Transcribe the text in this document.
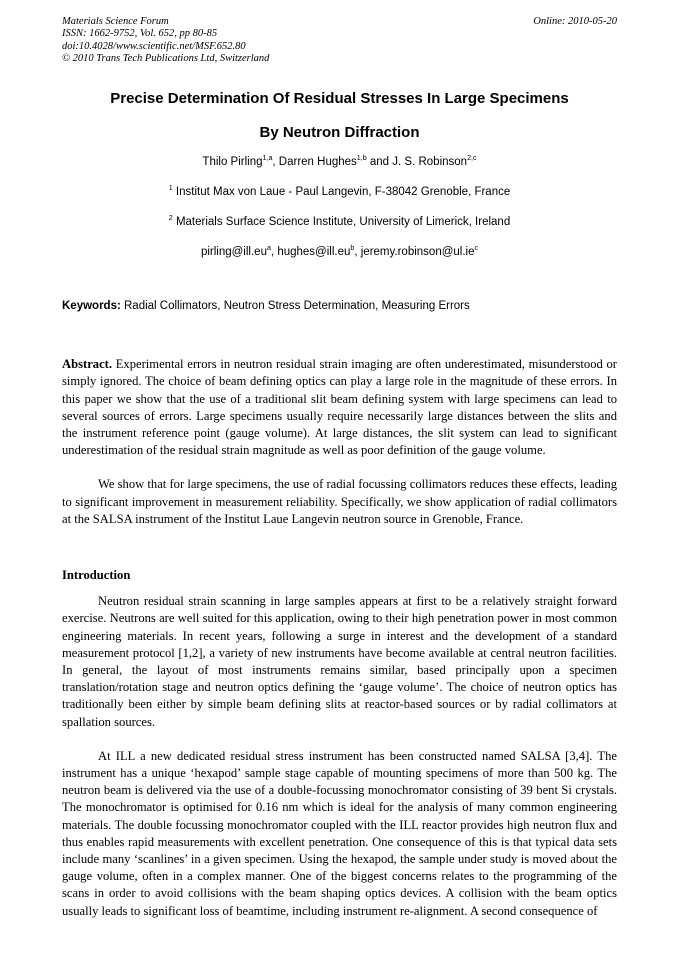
Materials Science Forum
ISSN: 1662-9752, Vol. 652, pp 80-85
doi:10.4028/www.scientific.net/MSF.652.80
© 2010 Trans Tech Publications Ltd, Switzerland
Online: 2010-05-20
Precise Determination Of Residual Stresses In Large Specimens
By Neutron Diffraction
Thilo Pirling$^{1,a}$, Darren Hughes$^{1,b}$ and J. S. Robinson$^{2,c}$
$^1$ Institut Max von Laue - Paul Langevin, F-38042 Grenoble, France
$^2$ Materials Surface Science Institute, University of Limerick, Ireland
$pirling@ill.eu^a$, $hughes@ill.eu^b$, $jeremy.robinson@ul.ie^c$
Keywords: Radial Collimators, Neutron Stress Determination, Measuring Errors

Abstract. Experimental errors in neutron residual strain imaging are often underestimated, misunderstood or simply ignored. The choice of beam defining optics can play a large role in the magnitude of these errors. In this paper we show that the use of a traditional slit beam defining system with large specimens can lead to several sources of errors. Large specimens usually require necessarily large distances between the slits and the instrument reference point (gauge volume). At large distances, the slit system can lead to significant underestimation of the residual strain magnitude as well as poor definition of the gauge volume.

We show that for large specimens, the use of radial focussing collimators reduces these effects, leading to significant improvement in measurement reliability. Specifically, we show application of radial collimators at the SALSA instrument of the Institut Laue Langevin neutron source in Grenoble, France.

Introduction

Neutron residual strain scanning in large samples appears at first to be a relatively straight forward exercise. Neutrons are well suited for this application, owing to their high penetration power in most common engineering materials. In recent years, following a surge in interest and the development of a standard measurement protocol [1,2], a variety of new instruments have become available at central neutron facilities. In general, the layout of most instruments remains similar, based principally upon a specimen translation/rotation stage and neutron optics defining the ‘gauge volume’. The choice of neutron optics has traditionally been either by simple beam defining slits at reactor-based sources or by radial collimators at spallation sources.

At ILL a new dedicated residual stress instrument has been constructed named SALSA [3,4]. The instrument has a unique ‘hexapod’ sample stage capable of mounting specimens of more than 500 kg. The neutron beam is delivered via the use of a double-focussing monochromator consisting of 39 bent Si crystals. The monochromator is optimised for 0.16 nm which is ideal for the analysis of many common engineering materials. The double focussing monochromator coupled with the ILL reactor provides high neutron flux and thus enables rapid measurements with excellent penetration. One consequence of this is that typical data sets include many ‘scanlines’ in a given specimen. Using the hexapod, the sample under study is moved about the gauge volume, often in a complex manner. One of the biggest concerns relates to the programming of the scans in order to avoid collisions with the beam shaping optics devices. A collision with the beam optics usually leads to significant loss of beamtime, including instrument re-alignment. A second consequence of
